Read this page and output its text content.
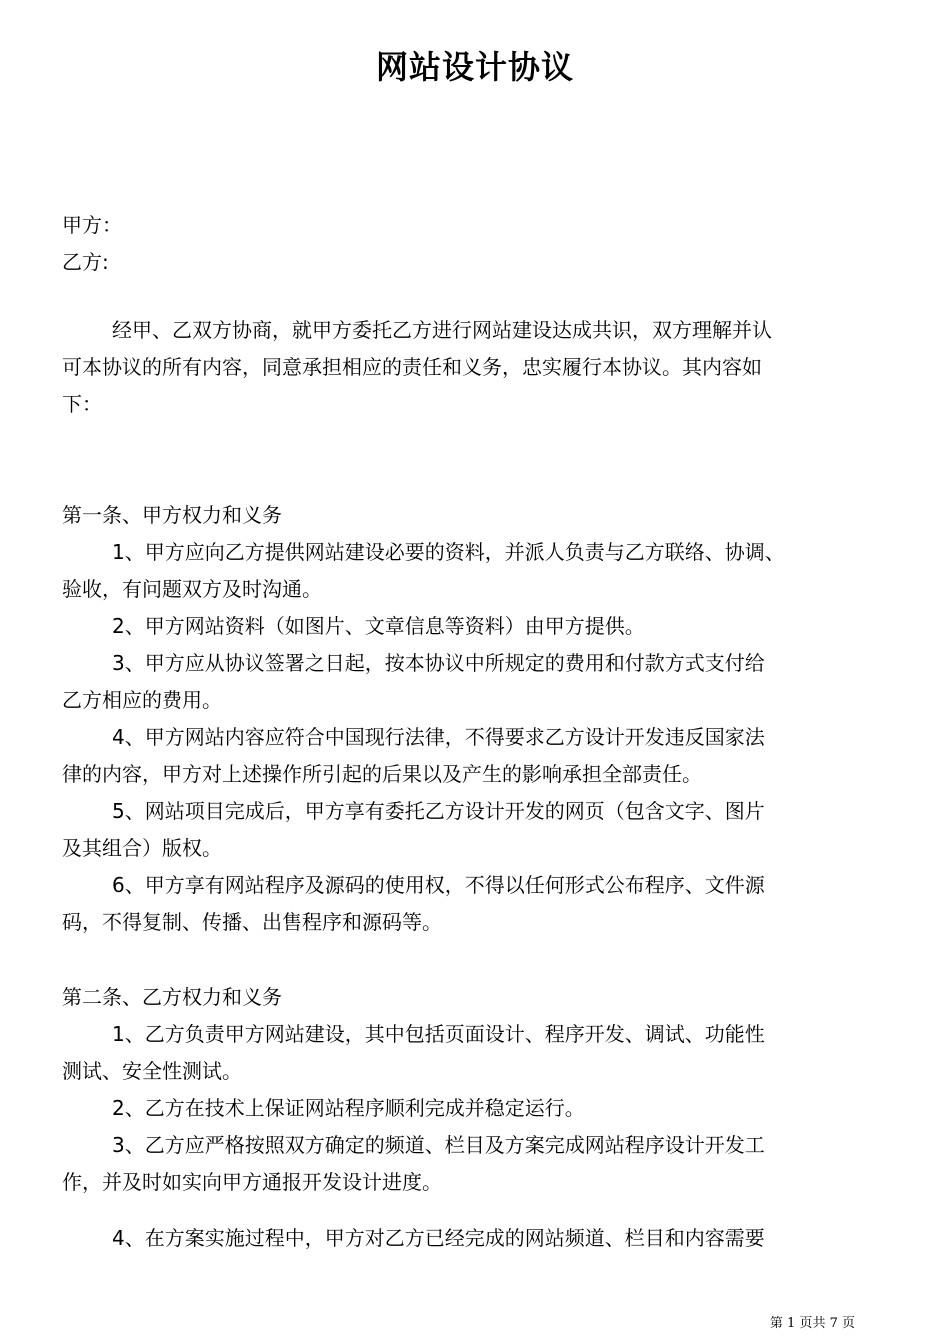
网站设计协议
甲方：
乙方:
经甲、乙双方协商，就甲方委托乙方进行网站建设达成共识，双方理解并认
可本协议的所有内容，同意承担相应的责任和义务，忠实履行本协议。其内容如
下：
第一条、甲方权力和义务
1、甲方应向乙方提供网站建设必要的资料，并派人负责与乙方联络、协调、
验收，有问题双方及时沟通。
2、甲方网站资料（如图片、文章信息等资料）由甲方提供。
3、甲方应从协议签署之日起，按本协议中所规定的费用和付款方式支付给
乙方相应的费用。
4、甲方网站内容应符合中国现行法律，不得要求乙方设计开发违反国家法
律的内容，甲方对上述操作所引起的后果以及产生的影响承担全部责任。
5、网站项目完成后，甲方享有委托乙方设计开发的网页（包含文字、图片
及其组合）版权。
6、甲方享有网站程序及源码的使用权，不得以任何形式公布程序、文件源
码，不得复制、传播、出售程序和源码等。
第二条、乙方权力和义务
1、乙方负责甲方网站建设，其中包括页面设计、程序开发、调试、功能性
测试、安全性测试。
2、乙方在技术上保证网站程序顺利完成并稳定运行。
3、乙方应严格按照双方确定的频道、栏目及方案完成网站程序设计开发工
作，并及时如实向甲方通报开发设计进度。
4、在方案实施过程中，甲方对乙方已经完成的网站频道、栏目和内容需要
第 1 页共 7 页
